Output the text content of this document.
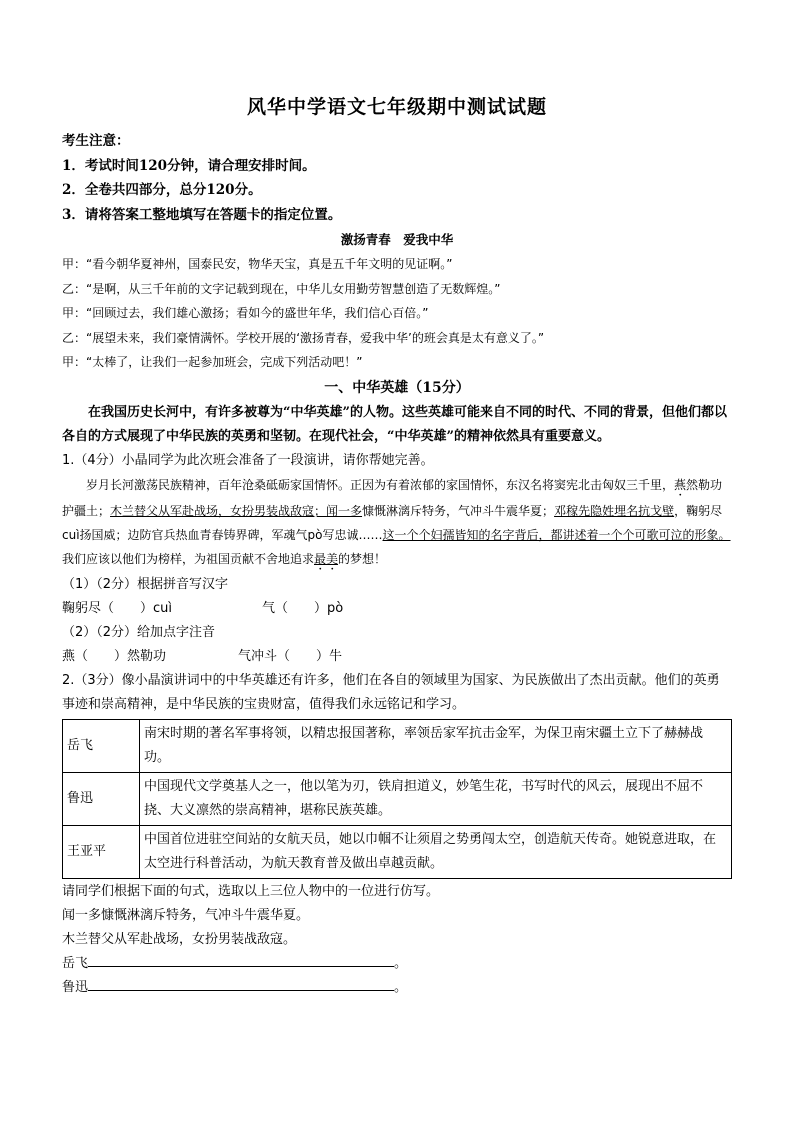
风华中学语文七年级期中测试试题
考生注意：
1．考试时间120分钟，请合理安排时间。
2．全卷共四部分，总分120分。
3．请将答案工整地填写在答题卡的指定位置。
激扬青春　爱我中华
甲：“看今朝华夏神州，国泰民安，物华天宝，真是五千年文明的见证啊。”
乙：“是啊，从三千年前的文字记载到现在，中华儿女用勤劳智慧创造了无数辉煌。”
甲：“回顾过去，我们雄心激扬；看如今的盛世年华，我们信心百倍。”
乙：“展望未来，我们豪情满怀。学校开展的‘激扬青春，爱我中华’的班会真是太有意义了。”
甲：“太棒了，让我们一起参加班会，完成下列活动吧！”
一、中华英雄（15分）
在我国历史长河中，有许多被尊为“中华英雄”的人物。这些英雄可能来自不同的时代、不同的背景，但他们都以各自的方式展现了中华民族的英勇和坚韧。在现代社会，“中华英雄”的精神依然具有重要意义。
1.（4分）小晶同学为此次班会准备了一段演讲，请你帮她完善。
岁月长河激荡民族精神，百年沧桑砥砺家国情怀。正因为有着浓郁的家国情怀，东汉名将窦宪北击匈奴三千里，燕然勒功护疆土；木兰替父从军赴战场，女扮男装战敌寇；闻一多慷慨淋漓斥特务，气冲斗牛震华夏；邓稼先隐姓埋名抗戈壁，鞠躬尽cuì扬国威；边防官兵热血青春铸界碑，军魂气pò写忠诚……这一个个妇孺皆知的名字背后，都讲述着一个个可歌可泣的形象。我们应该以他们为榜样，为祖国贡献不舍地追求最美的梦想！
（1）（2分）根据拼音写汉字
鞠躬尽（　　）cuì	气（　　）pò
（2）（2分）给加点字注音
燕（　　）然勒功	气冲斗（　　）牛
2.（3分）像小晶演讲词中的中华英雄还有许多，他们在各自的领域里为国家、为民族做出了杰出贡献。他们的英勇事迹和崇高精神，是中华民族的宝贵财富，值得我们永远铭记和学习。
岳飞	南宋时期的著名军事将领，以精忠报国著称，率领岳家军抗击金军，为保卫南宋疆土立下了赫赫战功。
鲁迅	中国现代文学奠基人之一，他以笔为刃，铁肩担道义，妙笔生花，书写时代的风云，展现出不屈不挠、大义凛然的崇高精神，堪称民族英雄。
王亚平	中国首位进驻空间站的女航天员，她以巾帼不让须眉之势勇闯太空，创造航天传奇。她锐意进取，在太空进行科普活动，为航天教育普及做出卓越贡献。
请同学们根据下面的句式，选取以上三位人物中的一位进行仿写。
闻一多慷慨淋漓斥特务，气冲斗牛震华夏。
木兰替父从军赴战场，女扮男装战敌寇。
岳飞	。
鲁迅	。
